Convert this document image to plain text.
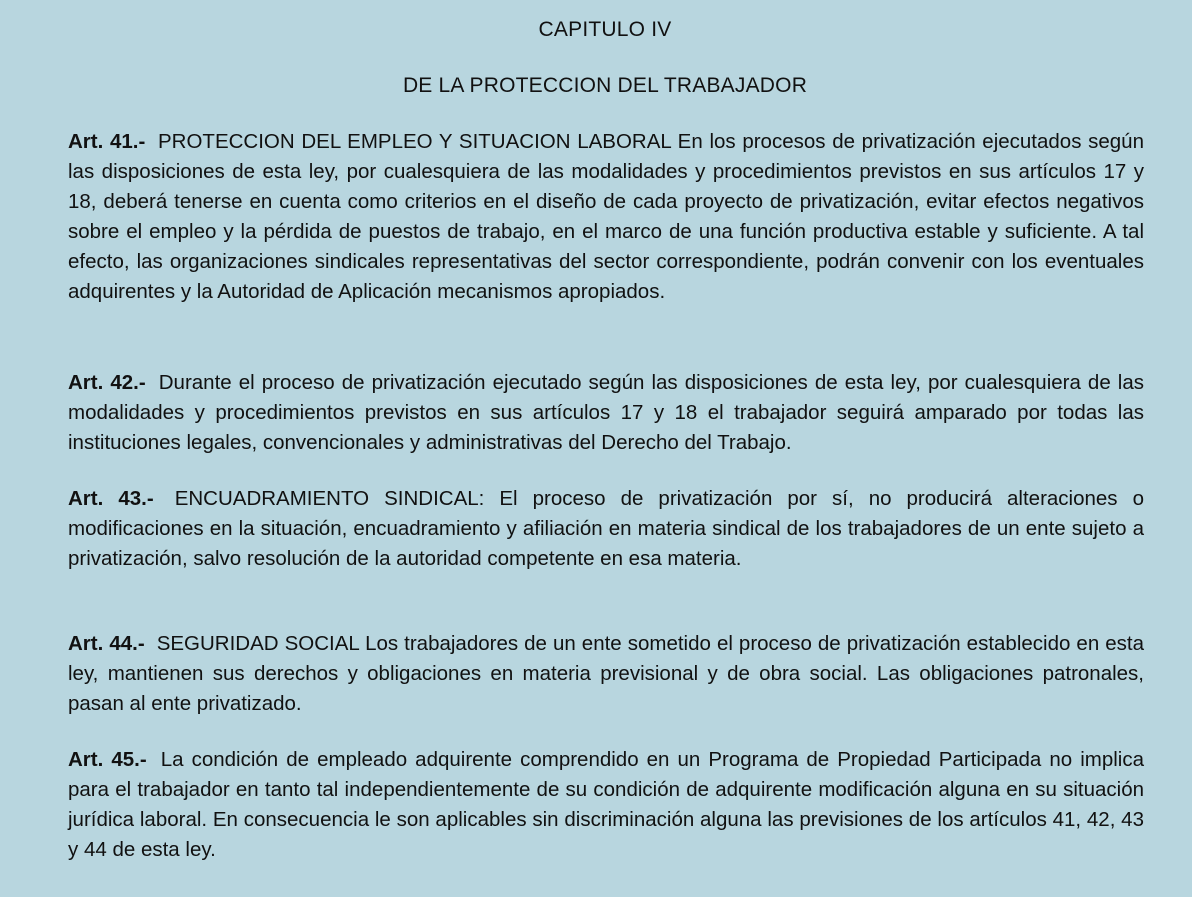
CAPITULO IV
DE LA PROTECCION DEL TRABAJADOR

Art. 41.- PROTECCION DEL EMPLEO Y SITUACION LABORAL En los procesos de privatización ejecutados según las disposiciones de esta ley, por cualesquiera de las modalidades y procedimientos previstos en sus artículos 17 y 18, deberá tenerse en cuenta como criterios en el diseño de cada proyecto de privatización, evitar efectos negativos sobre el empleo y la pérdida de puestos de trabajo, en el marco de una función productiva estable y suficiente. A tal efecto, las organizaciones sindicales representativas del sector correspondiente, podrán convenir con los eventuales adquirentes y la Autoridad de Aplicación mecanismos apropiados.

Art. 42.- Durante el proceso de privatización ejecutado según las disposiciones de esta ley, por cualesquiera de las modalidades y procedimientos previstos en sus artículos 17 y 18 el trabajador seguirá amparado por todas las instituciones legales, convencionales y administrativas del Derecho del Trabajo.

Art. 43.- ENCUADRAMIENTO SINDICAL: El proceso de privatización por sí, no producirá alteraciones o modificaciones en la situación, encuadramiento y afiliación en materia sindical de los trabajadores de un ente sujeto a privatización, salvo resolución de la autoridad competente en esa materia.

Art. 44.- SEGURIDAD SOCIAL Los trabajadores de un ente sometido el proceso de privatización establecido en esta ley, mantienen sus derechos y obligaciones en materia previsional y de obra social. Las obligaciones patronales, pasan al ente privatizado.

Art. 45.- La condición de empleado adquirente comprendido en un Programa de Propiedad Participada no implica para el trabajador en tanto tal independientemente de su condición de adquirente modificación alguna en su situación jurídica laboral. En consecuencia le son aplicables sin discriminación alguna las previsiones de los artículos 41, 42, 43 y 44 de esta ley.
